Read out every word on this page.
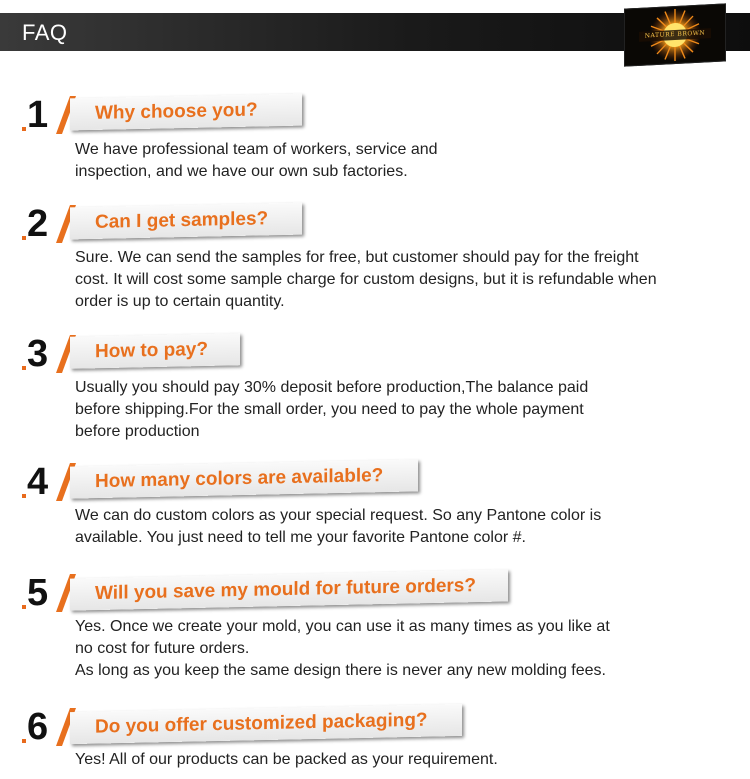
FAQ	NATURE BROWN
1 Why choose you?

We have professional team of workers, service and

inspection, and we have our own sub factories.

2 Can I get samples?

Sure. We can send the samples for free, but customer should pay for the freight

cost. It will cost some sample charge for custom designs, but it is refundable when

order is up to certain quantity.

3 How to pay?

Usually you should pay 30% deposit before production,The balance paid

before shipping.For the small order, you need to pay the whole payment

before production

4 How many colors are available?

We can do custom colors as your special request. So any Pantone color is

available. You just need to tell me your favorite Pantone color #.

5 Will you save my mould for future orders?

Yes. Once we create your mold, you can use it as many times as you like at

no cost for future orders.

As long as you keep the same design there is never any new molding fees.

6 Do you offer customized packaging?

Yes! All of our products can be packed as your requirement.
